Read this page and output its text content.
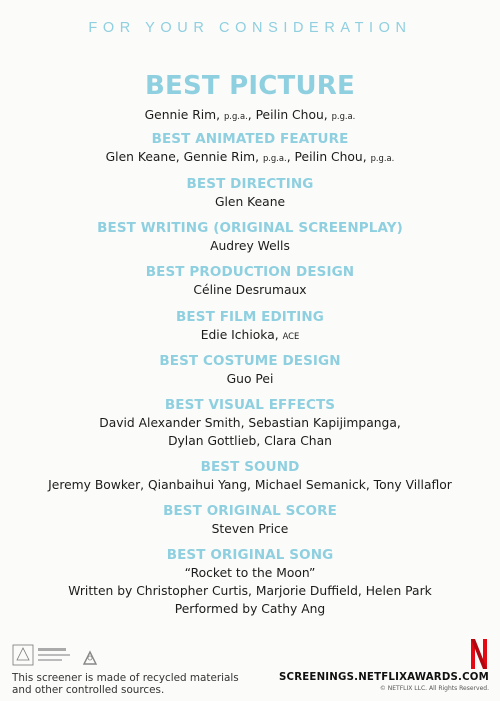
FOR YOUR CONSIDERATION
BEST PICTURE
Gennie Rim, p.g.a., Peilin Chou, p.g.a.
BEST ANIMATED FEATURE
Glen Keane, Gennie Rim, p.g.a., Peilin Chou, p.g.a.
BEST DIRECTING
Glen Keane
BEST WRITING (ORIGINAL SCREENPLAY)
Audrey Wells
BEST PRODUCTION DESIGN
Céline Desrumaux
BEST FILM EDITING
Edie Ichioka, ACE
BEST COSTUME DESIGN
Guo Pei
BEST VISUAL EFFECTS
David Alexander Smith, Sebastian Kapijimpanga,
Dylan Gottlieb, Clara Chan
BEST SOUND
Jeremy Bowker, Qianbaihui Yang, Michael Semanick, Tony Villaflor
BEST ORIGINAL SCORE
Steven Price
BEST ORIGINAL SONG
“Rocket to the Moon”
Written by Christopher Curtis, Marjorie Duffield, Helen Park
Performed by Cathy Ang
This screener is made of recycled materials
and other controlled sources.
SCREENINGS.NETFLIXAWARDS.COM
© NETFLIX LLC. All Rights Reserved.
